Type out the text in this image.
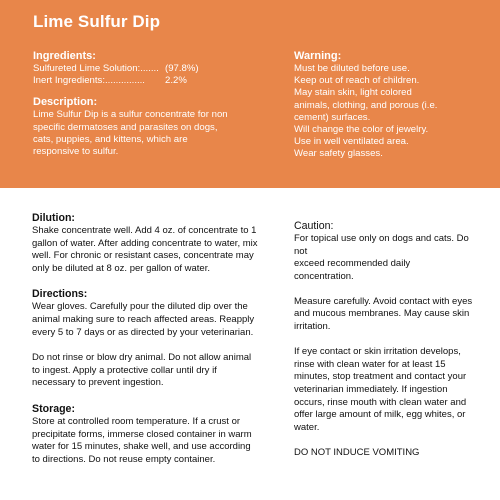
Lime Sulfur Dip
Ingredients:
Sulfureted Lime Solution:....... (97.8%)
Inert Ingredients:...............	2.2%
Description:
Lime Sulfur Dip is a sulfur concentrate for non
specific dermatoses and parasites on dogs,
cats, puppies, and kittens, which are
responsive to sulfur.
Warning:
Must be diluted before use.
Keep out of reach of children.
May stain skin, light colored
animals, clothing, and porous (i.e.
cement) surfaces.
Will change the color of jewelry.
Use in well ventilated area.
Wear safety glasses.
Dilution:
Shake concentrate well. Add 4 oz. of concentrate to 1
gallon of water. After adding concentrate to water, mix
well. For chronic or resistant cases, concentrate may
only be diluted at 8 oz. per gallon of water.
Directions:
Wear gloves. Carefully pour the diluted dip over the
animal making sure to reach affected areas. Reapply
every 5 to 7 days or as directed by your veterinarian.
Do not rinse or blow dry animal. Do not allow animal
to ingest. Apply a protective collar until dry if
necessary to prevent ingestion.
Storage:
Store at controlled room temperature. If a crust or
precipitate forms, immerse closed container in warm
water for 15 minutes, shake well, and use according
to directions. Do not reuse empty container.
Caution:
For topical use only on dogs and cats. Do not
exceed recommended daily
concentration.
Measure carefully. Avoid contact with eyes
and mucous membranes. May cause skin
irritation.
If eye contact or skin irritation develops,
rinse with clean water for at least 15
minutes, stop treatment and contact your
veterinarian immediately. If ingestion
occurs, rinse mouth with clean water and
offer large amount of milk, egg whites, or
water.
DO NOT INDUCE VOMITING
